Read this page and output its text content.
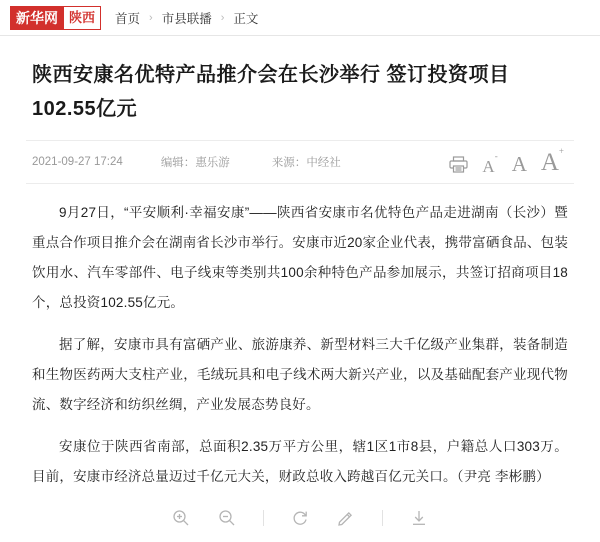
新华网 陕西	首页 › 市县联播 › 正文
陕西安康名优特产品推介会在长沙举行 签订投资项目102.55亿元
2021-09-27 17:24	编辑：惠乐游	来源：中经社	A- A A+

9月27日，“平安顺利·幸福安康”——陕西省安康市名优特色产品走进湖南（长沙）暨重点合作项目推介会在湖南省长沙市举行。安康市近20家企业代表，携带富硒食品、包装饮用水、汽车零部件、电子线束等类别共100余种特色产品参加展示，共签订招商项目18个，总投资102.55亿元。

据了解，安康市具有富硒产业、旅游康养、新型材料三大千亿级产业集群，装备制造和生物医药两大支柱产业，毛绒玩具和电子线术两大新兴产业，以及基础配套产业现代物流、数字经济和纺织丝绸，产业发展态势良好。

安康位于陕西省南部，总面积2.35万平方公里，辖1区1市8县，户籍总人口303万。目前，安康市经济总量迈过千亿元大关，财政总收入跨越百亿元关口。（尹亮 李彬鹏）
